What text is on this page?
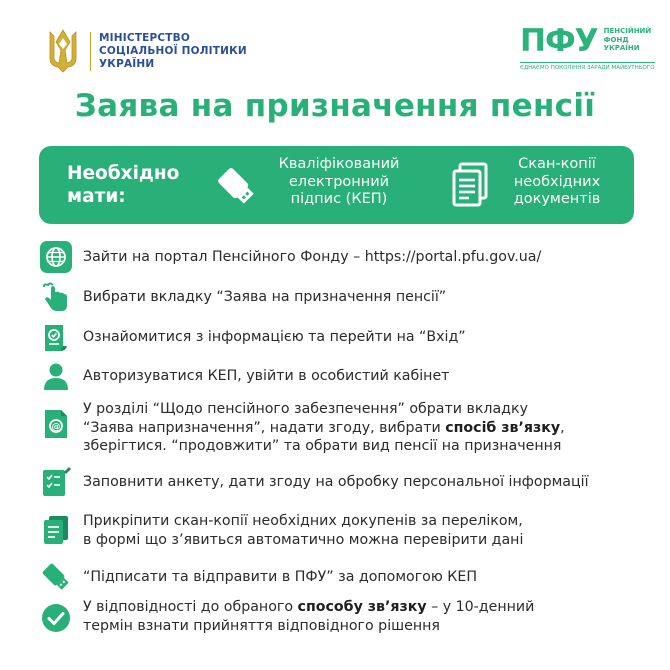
МІНІСТЕРСТВО
СОЦІАЛЬНОЇ ПОЛІТИКИ
УКРАЇНИ
ПФУ ПЕНСІЙНИЙ
ФОНД
УКРАЇНИ
ЄДНАЄМО ПОКОЛІННЯ ЗАРАДИ МАЙБУТНЬОГО
Заява на призначення пенсії
Необхідно
мати:
Кваліфікований
електронний
підпис (КЕП)
Скан-копії
необхідних
документів
Зайти на портал Пенсійного Фонду – https://portal.pfu.gov.ua/
Вибрати вкладку “Заява на призначення пенсії”
Ознайомитися з інформацією та перейти на “Вхід”
Авторизуватися КЕП, увійти в особистий кабінет
@
У розділі “Щодо пенсійного забезпечення” обрати вкладку
“Заява напризначення”, надати згоду, вибрати спосіб зв’язку,
зберігтися. “продовжити” та обрати вид пенсії на призначення
Заповнити анкету, дати згоду на обробку персональної інформації
Прикріпити скан-копії необхідних докупенів за переліком,
в формі що з’явиться автоматично можна перевірити дані
“Підписати та відправити в ПФУ” за допомогою КЕП
У відповідності до обраного способу зв’язку – у 10-денний
термін взнати прийняття відповідного рішення
